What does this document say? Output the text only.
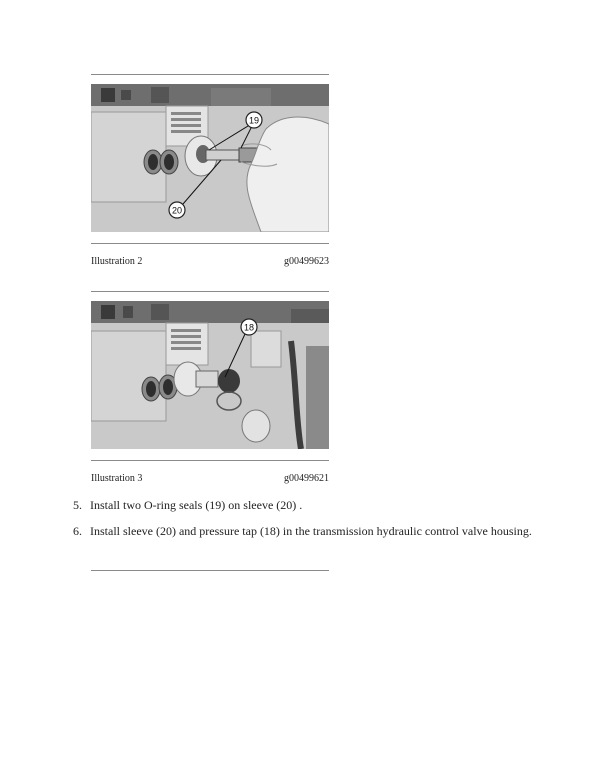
19
20
Illustration 2	g00499623
18
Illustration 3	g00499621
5. Install two O-ring seals (19) on sleeve (20) .
6. Install sleeve (20) and pressure tap (18) in the transmission hydraulic control valve housing.
